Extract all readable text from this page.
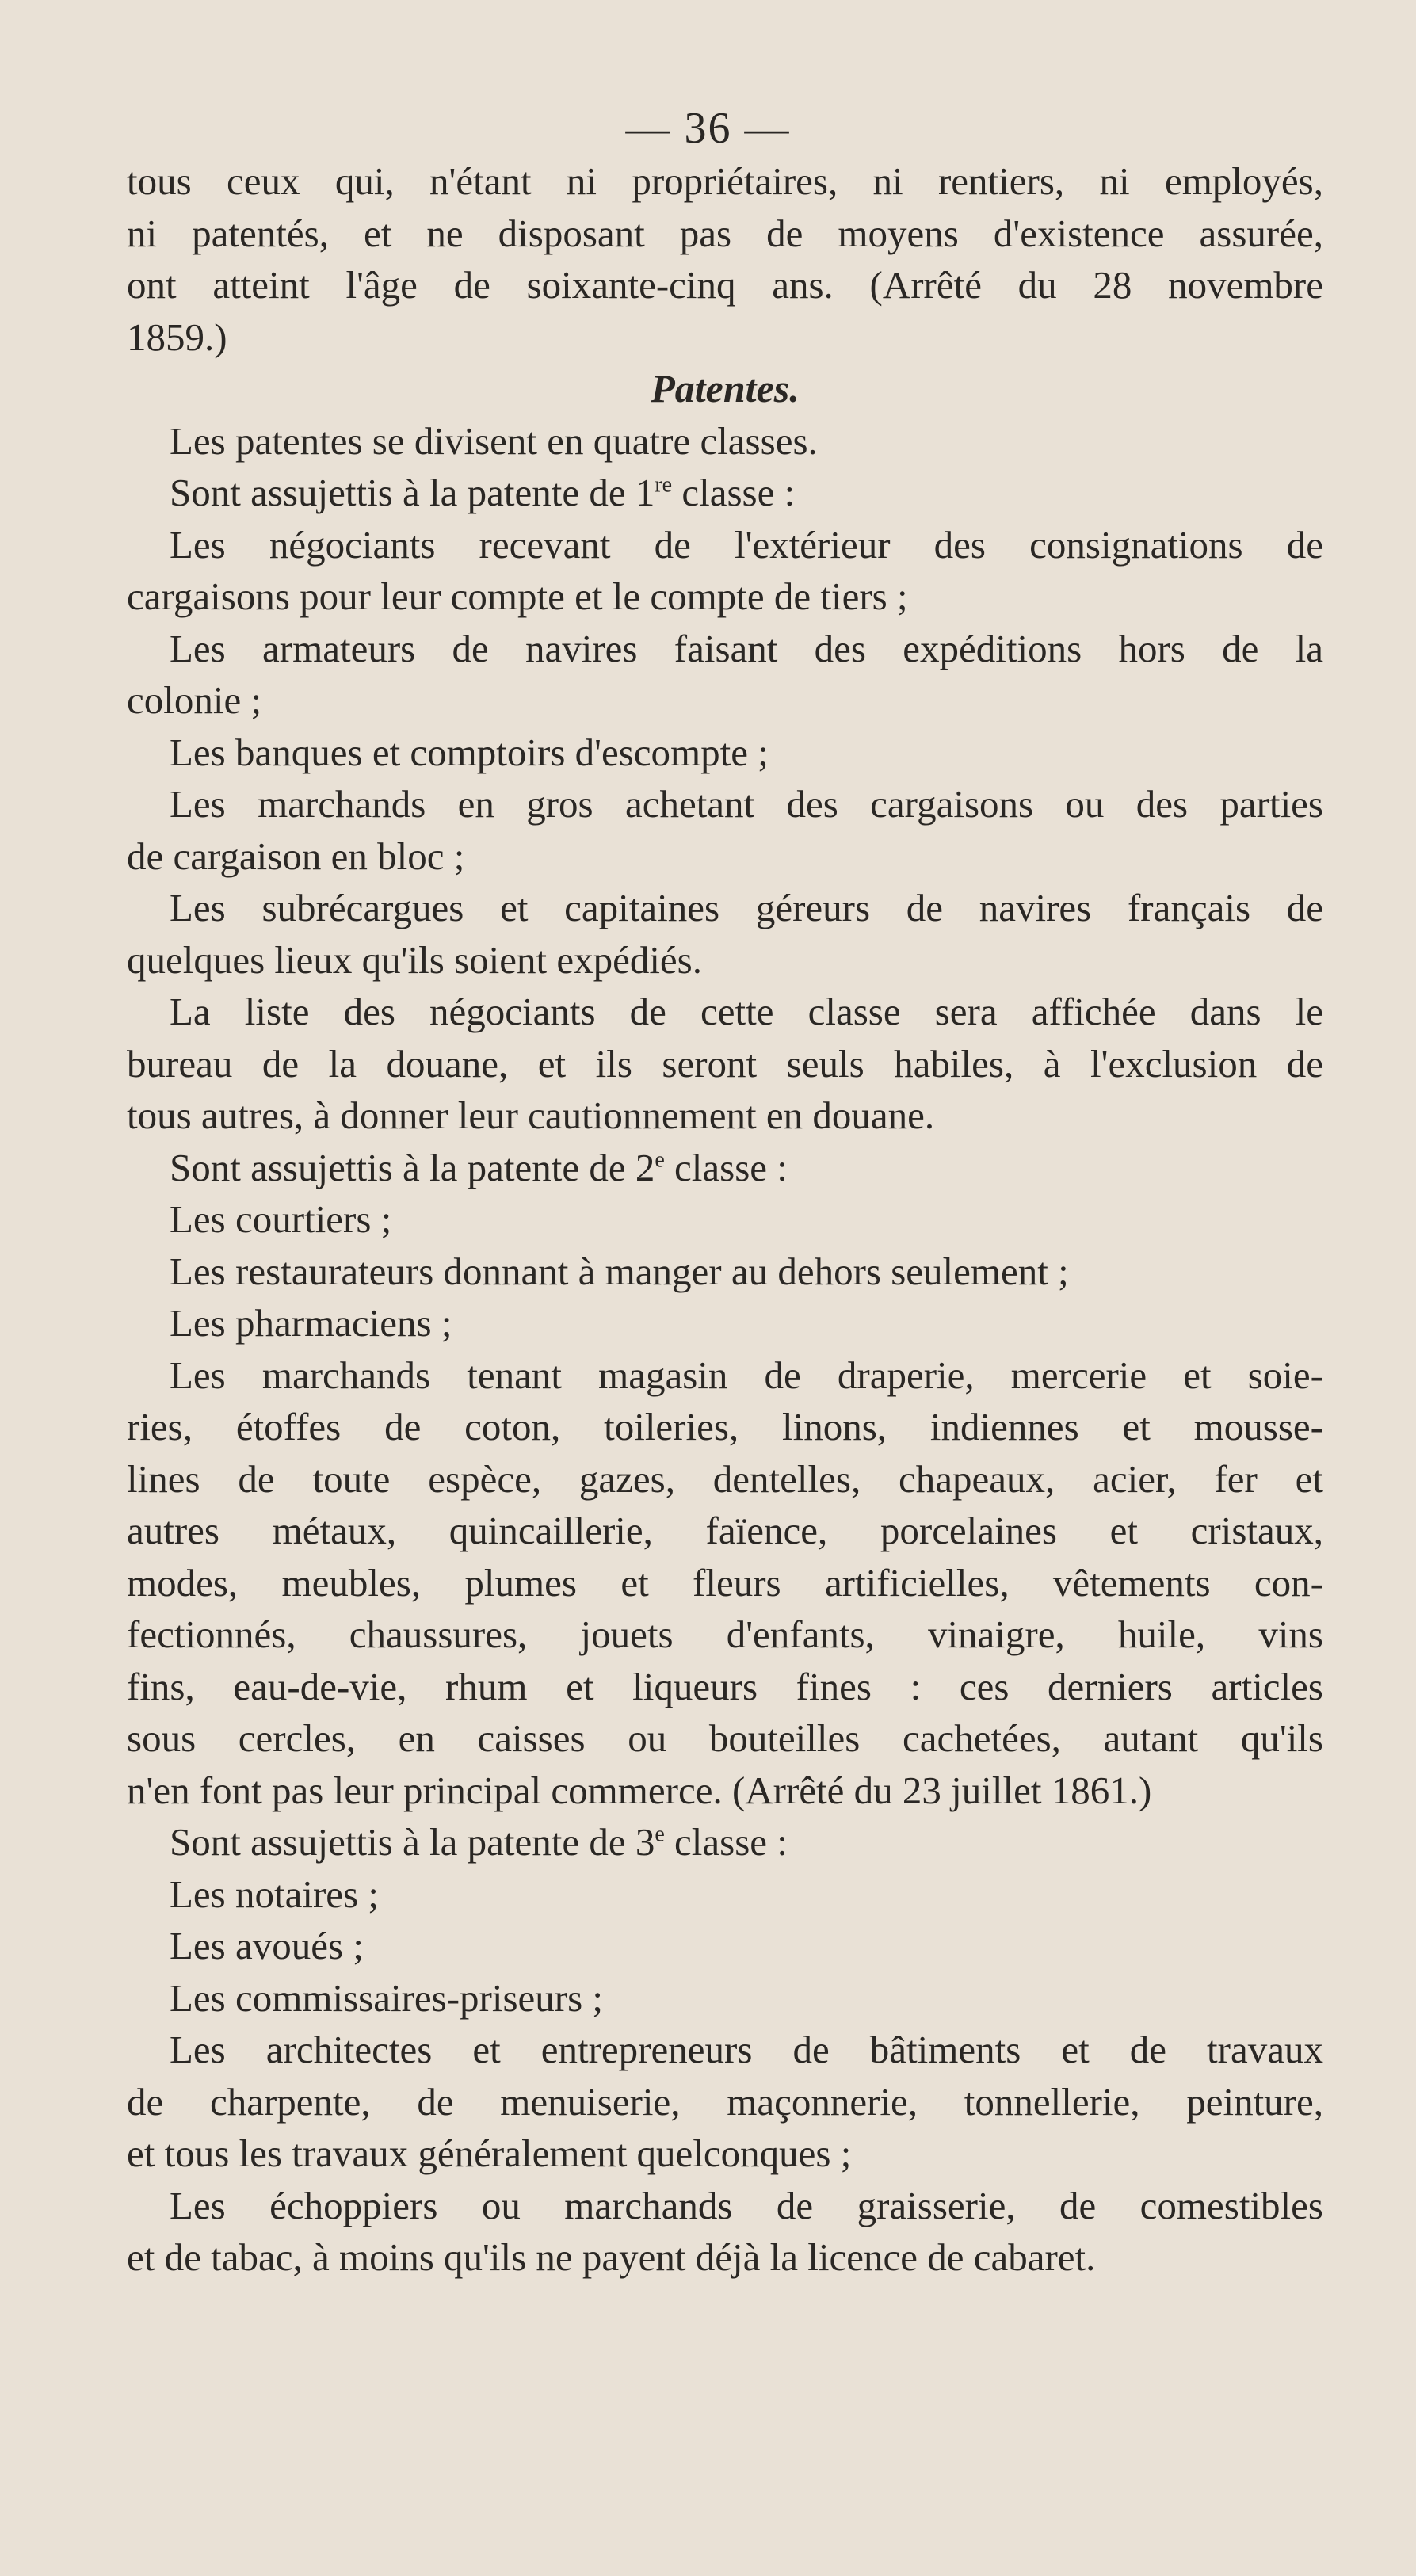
— 36 —

tous ceux qui, n'étant ni propriétaires, ni rentiers, ni employés,

ni patentés, et ne disposant pas de moyens d'existence assurée,

ont atteint l'âge de soixante-cinq ans. (Arrêté du 28 novembre

1859.)

Patentes.

Les patentes se divisent en quatre classes.

Sont assujettis à la patente de 1re classe :

Les négociants recevant de l'extérieur des consignations de

cargaisons pour leur compte et le compte de tiers ;

Les armateurs de navires faisant des expéditions hors de la

colonie ;

Les banques et comptoirs d'escompte ;

Les marchands en gros achetant des cargaisons ou des parties

de cargaison en bloc ;

Les subrécargues et capitaines géreurs de navires français de

quelques lieux qu'ils soient expédiés.

La liste des négociants de cette classe sera affichée dans le

bureau de la douane, et ils seront seuls habiles, à l'exclusion de

tous autres, à donner leur cautionnement en douane.

Sont assujettis à la patente de 2e classe :

Les courtiers ;

Les restaurateurs donnant à manger au dehors seulement ;

Les pharmaciens ;

Les marchands tenant magasin de draperie, mercerie et soie-

ries, étoffes de coton, toileries, linons, indiennes et mousse-

lines de toute espèce, gazes, dentelles, chapeaux, acier, fer et

autres métaux, quincaillerie, faïence, porcelaines et cristaux,

modes, meubles, plumes et fleurs artificielles, vêtements con-

fectionnés, chaussures, jouets d'enfants, vinaigre, huile, vins

fins, eau-de-vie, rhum et liqueurs fines : ces derniers articles

sous cercles, en caisses ou bouteilles cachetées, autant qu'ils

n'en font pas leur principal commerce. (Arrêté du 23 juillet 1861.)

Sont assujettis à la patente de 3e classe :

Les notaires ;

Les avoués ;

Les commissaires-priseurs ;

Les architectes et entrepreneurs de bâtiments et de travaux

de charpente, de menuiserie, maçonnerie, tonnellerie, peinture,

et tous les travaux généralement quelconques ;

Les échoppiers ou marchands de graisserie, de comestibles

et de tabac, à moins qu'ils ne payent déjà la licence de cabaret.
